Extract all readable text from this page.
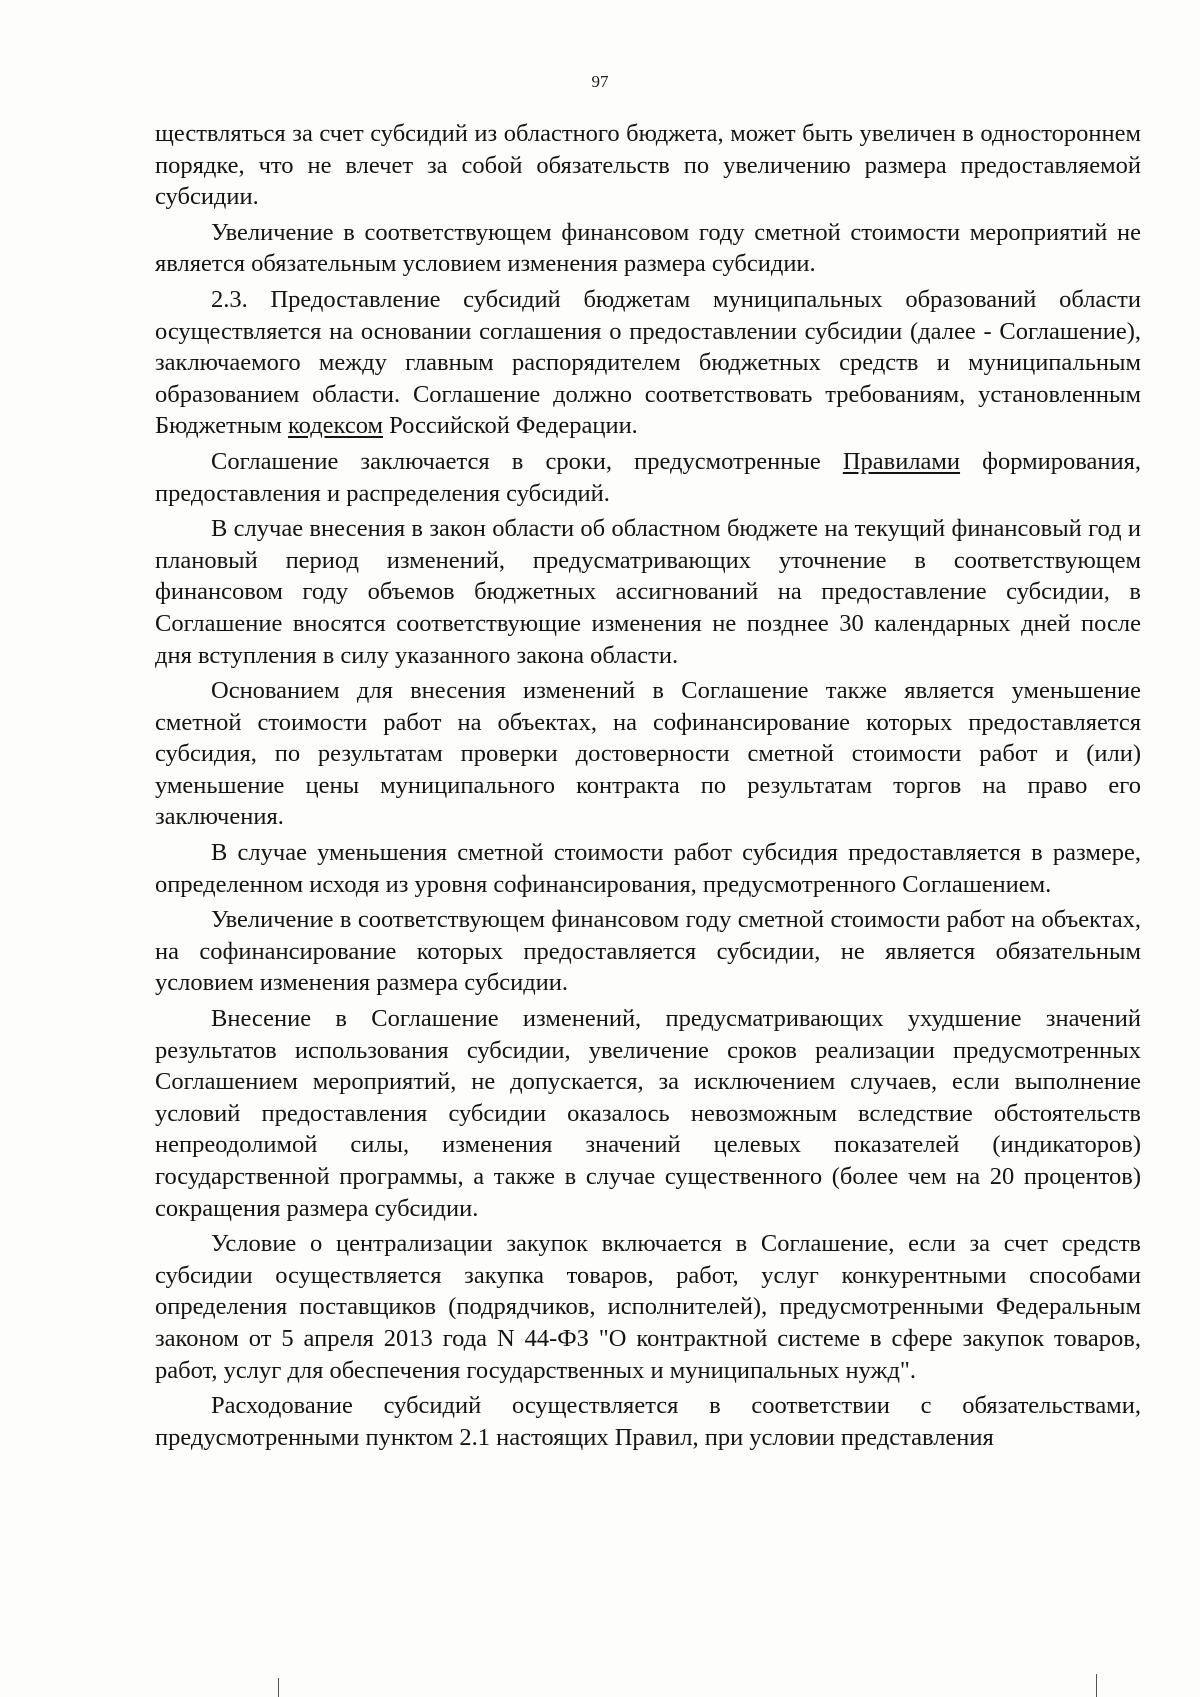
97

ществляться за счет субсидий из областного бюджета, может быть увеличен в одностороннем порядке, что не влечет за собой обязательств по увеличению размера предоставляемой субсидии.

Увеличение в соответствующем финансовом году сметной стоимости мероприятий не является обязательным условием изменения размера субсидии.

2.3. Предоставление субсидий бюджетам муниципальных образований области осуществляется на основании соглашения о предоставлении субсидии (далее - Соглашение), заключаемого между главным распорядителем бюджетных средств и муниципальным образованием области. Соглашение должно соответствовать требованиям, установленным Бюджетным кодексом Российской Федерации.

Соглашение заключается в сроки, предусмотренные Правилами формирования, предоставления и распределения субсидий.

В случае внесения в закон области об областном бюджете на текущий финансовый год и плановый период изменений, предусматривающих уточнение в соответствующем финансовом году объемов бюджетных ассигнований на предоставление субсидии, в Соглашение вносятся соответствующие изменения не позднее 30 календарных дней после дня вступления в силу указанного закона области.

Основанием для внесения изменений в Соглашение также является уменьшение сметной стоимости работ на объектах, на софинансирование которых предоставляется субсидия, по результатам проверки достоверности сметной стоимости работ и (или) уменьшение цены муниципального контракта по результатам торгов на право его заключения.

В случае уменьшения сметной стоимости работ субсидия предоставляется в размере, определенном исходя из уровня софинансирования, предусмотренного Соглашением.

Увеличение в соответствующем финансовом году сметной стоимости работ на объектах, на софинансирование которых предоставляется субсидии, не является обязательным условием изменения размера субсидии.

Внесение в Соглашение изменений, предусматривающих ухудшение значений результатов использования субсидии, увеличение сроков реализации предусмотренных Соглашением мероприятий, не допускается, за исключением случаев, если выполнение условий предоставления субсидии оказалось невозможным вследствие обстоятельств непреодолимой силы, изменения значений целевых показателей (индикаторов) государственной программы, а также в случае существенного (более чем на 20 процентов) сокращения размера субсидии.

Условие о централизации закупок включается в Соглашение, если за счет средств субсидии осуществляется закупка товаров, работ, услуг конкурентными способами определения поставщиков (подрядчиков, исполнителей), предусмотренными Федеральным законом от 5 апреля 2013 года N 44-ФЗ "О контрактной системе в сфере закупок товаров, работ, услуг для обеспечения государственных и муниципальных нужд".

Расходование субсидий осуществляется в соответствии с обязательствами, предусмотренными пунктом 2.1 настоящих Правил, при условии представления
